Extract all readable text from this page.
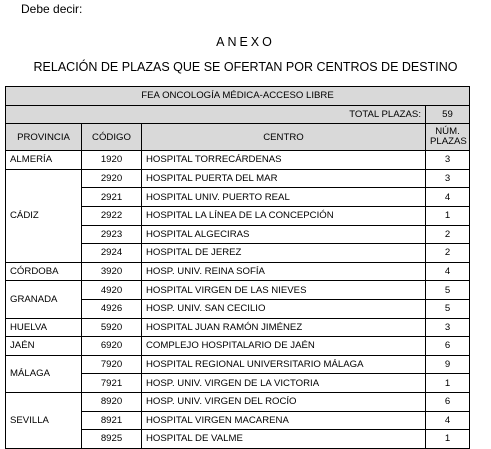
Debe decir:
ANEXO
RELACIÓN DE PLAZAS QUE SE OFERTAN POR CENTROS DE DESTINO
FEA ONCOLOGÍA MÉDICA-ACCESO LIBRE			
TOTAL PLAZAS:			59
PROVINCIA	CÓDIGO	CENTRO	NÚM. PLAZAS
ALMERÍA	1920	HOSPITAL TORRECÁRDENAS	3
CÁDIZ	2920	HOSPITAL PUERTA DEL MAR	3
	2921	HOSPITAL UNIV. PUERTO REAL	4
	2922	HOSPITAL LA LÍNEA DE LA CONCEPCIÓN	1
	2923	HOSPITAL ALGECIRAS	2
	2924	HOSPITAL DE JEREZ	2
CÓRDOBA	3920	HOSP. UNIV. REINA SOFÍA	4
GRANADA	4920	HOSPITAL VIRGEN DE LAS NIEVES	5
	4926	HOSP. UNIV. SAN CECILIO	5
HUELVA	5920	HOSPITAL JUAN RAMÓN JIMÉNEZ	3
JAÉN	6920	COMPLEJO HOSPITALARIO DE JAÉN	6
MÁLAGA	7920	HOSPITAL REGIONAL UNIVERSITARIO MÁLAGA	9
	7921	HOSP. UNIV. VIRGEN DE LA VICTORIA	1
SEVILLA	8920	HOSP. UNIV. VIRGEN DEL ROCÍO	6
	8921	HOSPITAL VIRGEN MACARENA	4
	8925	HOSPITAL DE VALME	1
